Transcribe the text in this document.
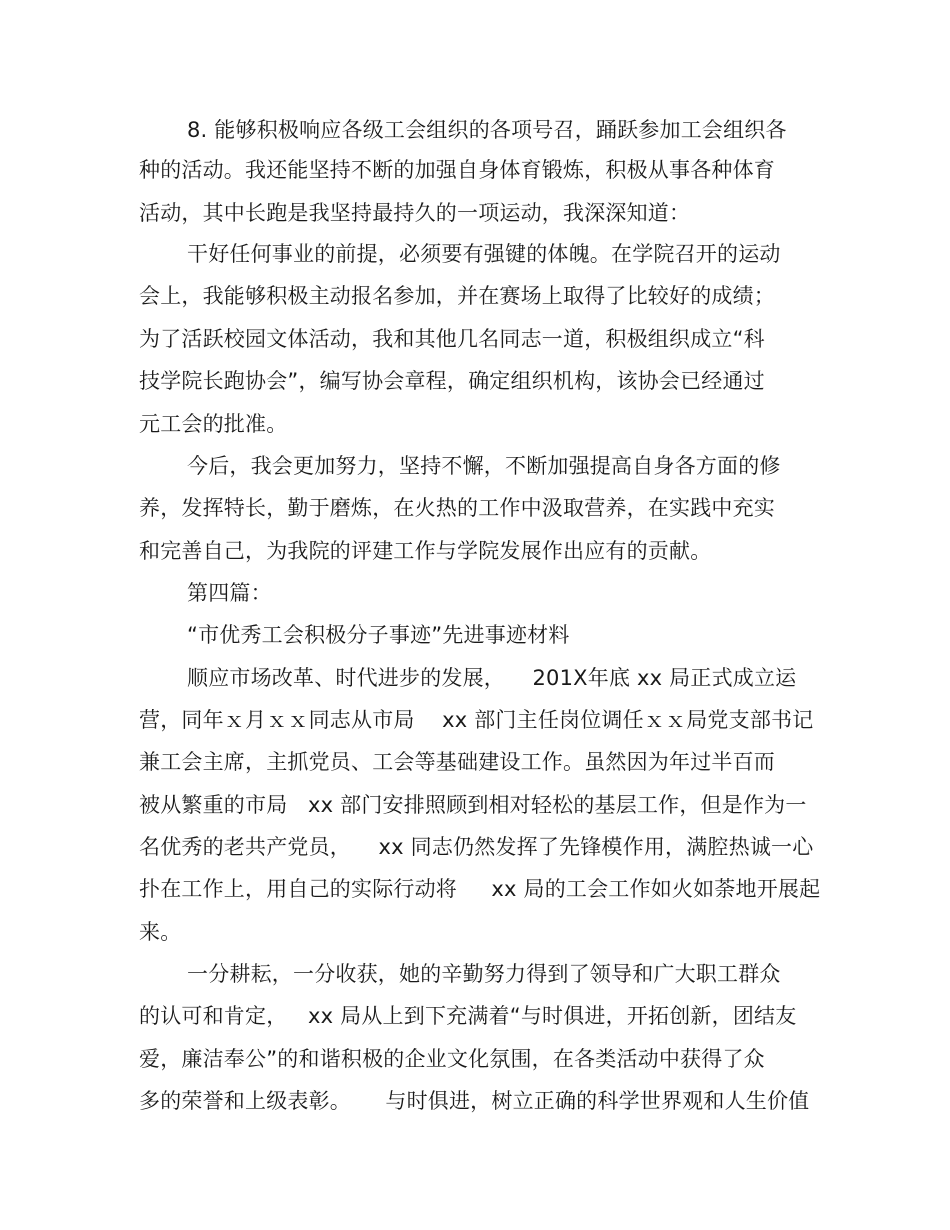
8. 能够积极响应各级工会组织的各项号召，踊跃参加工会组织各
种的活动。我还能坚持不断的加强自身体育锻炼，积极从事各种体育
活动，其中长跑是我坚持最持久的一项运动，我深深知道：
干好任何事业的前提，必须要有强键的体魄。在学院召开的运动
会上，我能够积极主动报名参加，并在赛场上取得了比较好的成绩；
为了活跃校园文体活动，我和其他几名同志一道，积极组织成立“科
技学院长跑协会”，编写协会章程，确定组织机构，该协会已经通过
元工会的批准。
今后，我会更加努力，坚持不懈，不断加强提高自身各方面的修
养，发挥特长，勤于磨炼，在火热的工作中汲取营养，在实践中充实
和完善自己，为我院的评建工作与学院发展作出应有的贡献。
第四篇：
“市优秀工会积极分子事迹”先进事迹材料
顺应市场改革、时代进步的发展，    201X年底 xx 局正式成立运
营，同年ｘ月ｘｘ同志从市局    xx 部门主任岗位调任ｘｘ局党支部书记
兼工会主席，主抓党员、工会等基础建设工作。虽然因为年过半百而
被从繁重的市局   xx 部门安排照顾到相对轻松的基层工作，但是作为一
名优秀的老共产党员，    xx 同志仍然发挥了先锋模作用，满腔热诚一心
扑在工作上，用自己的实际行动将     xx 局的工会工作如火如荼地开展起
来。
一分耕耘，一分收获，她的辛勤努力得到了领导和广大职工群众
的认可和肯定，   xx 局从上到下充满着“与时俱进，开拓创新，团结友
爱，廉洁奉公”的和谐积极的企业文化氛围，在各类活动中获得了众
多的荣誉和上级表彰。     与时俱进，树立正确的科学世界观和人生价值
